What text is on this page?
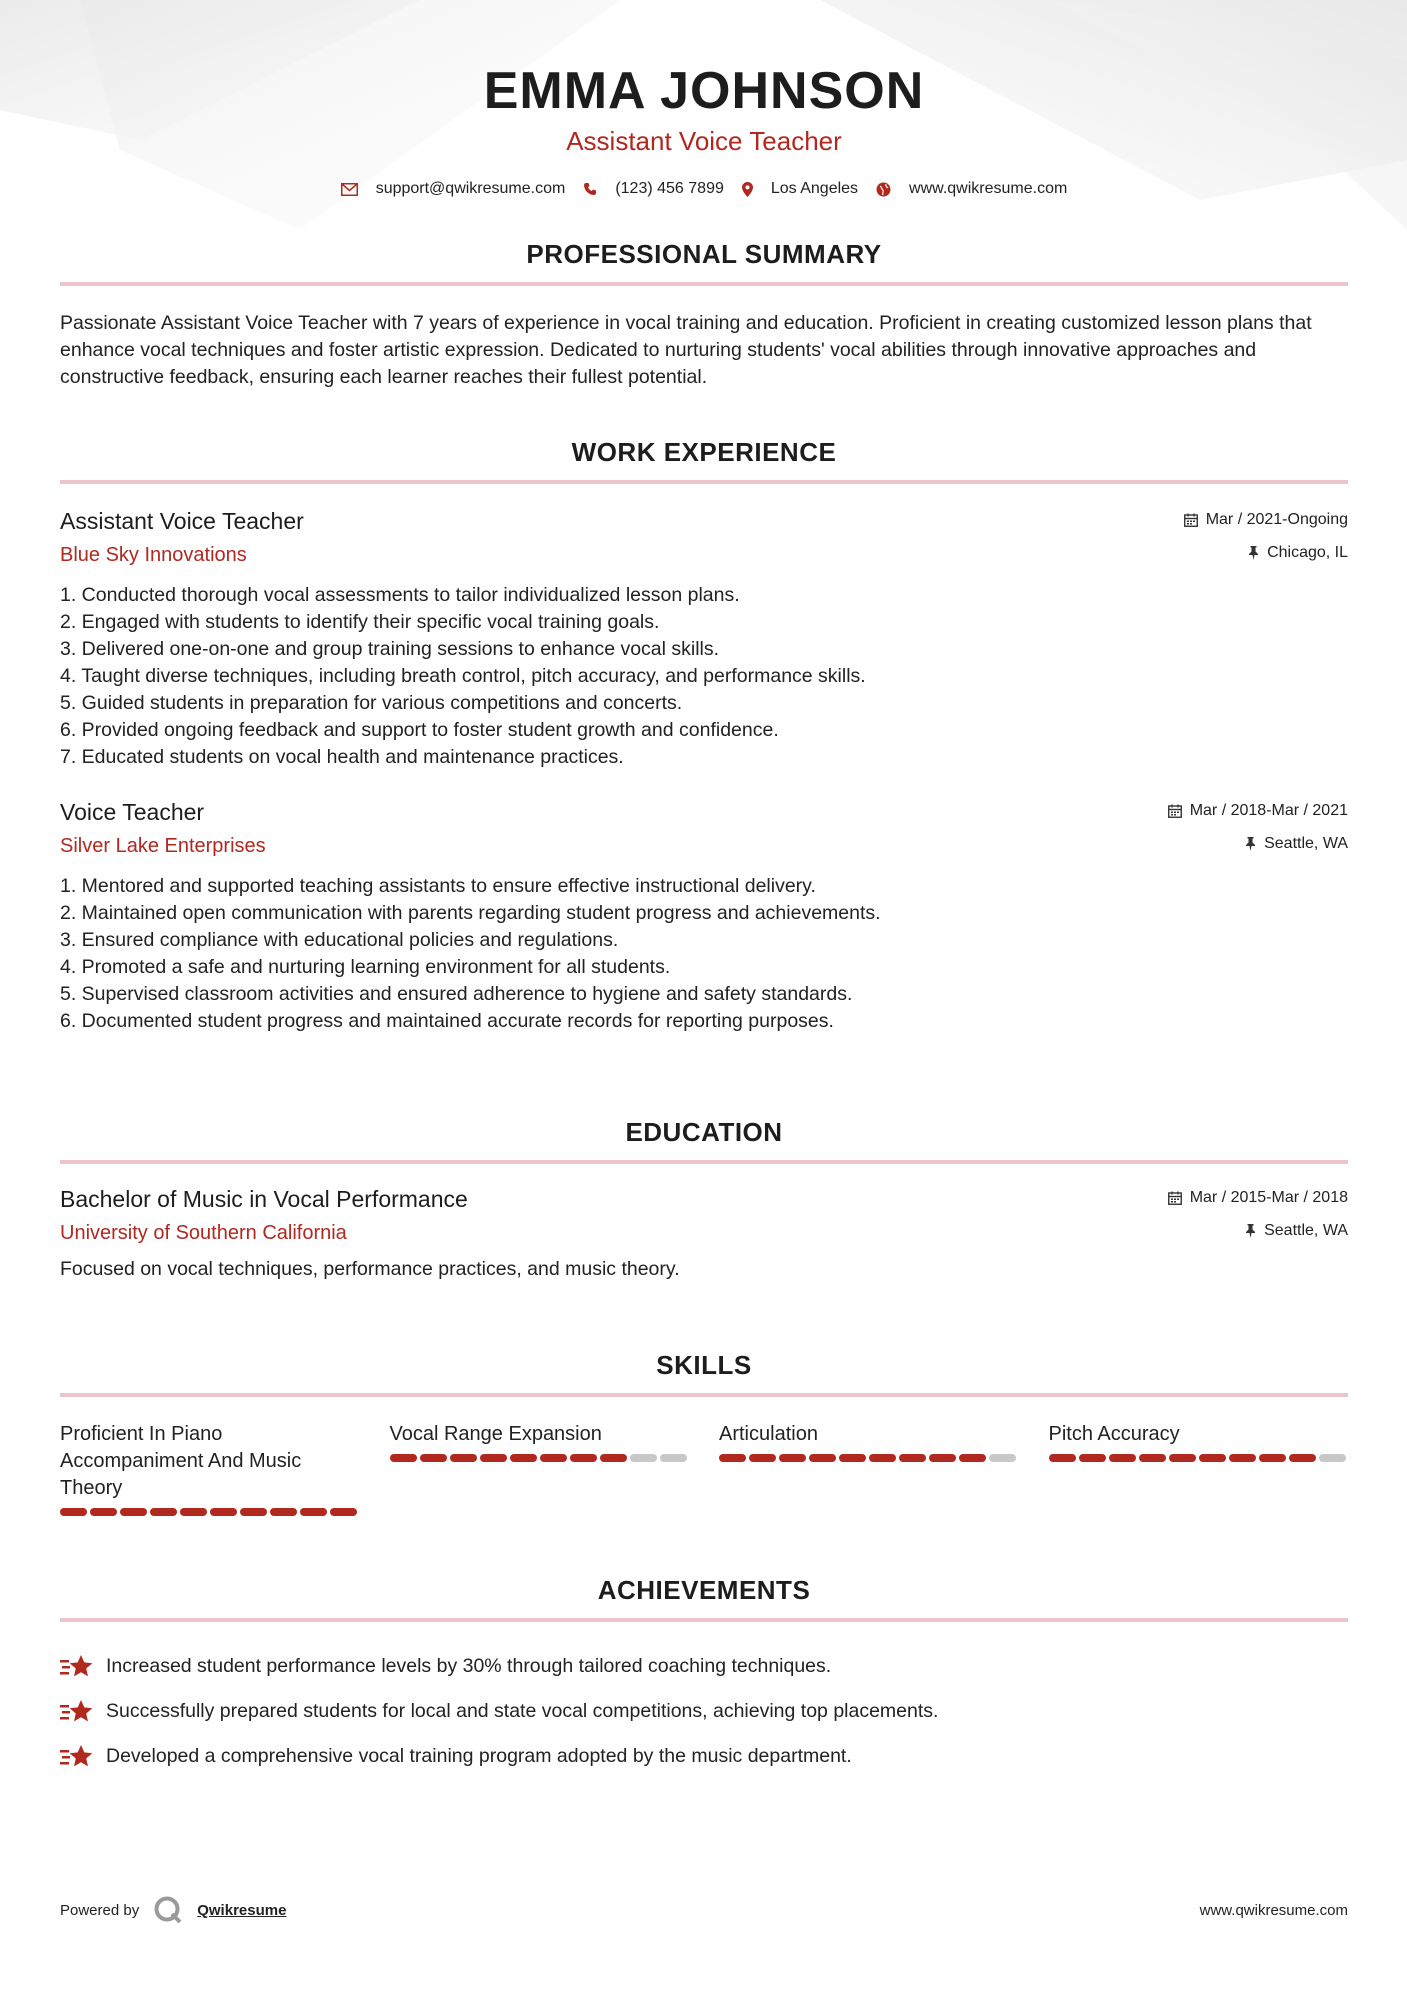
EMMA JOHNSON
Assistant Voice Teacher
support@qwikresume.com	(123) 456 7899	Los Angeles	www.qwikresume.com
PROFESSIONAL SUMMARY

Passionate Assistant Voice Teacher with 7 years of experience in vocal training and education. Proficient in creating customized lesson plans that enhance vocal techniques and foster artistic expression. Dedicated to nurturing students' vocal abilities through innovative approaches and constructive feedback, ensuring each learner reaches their fullest potential.

WORK EXPERIENCE
Assistant Voice Teacher
Blue Sky Innovations
Mar / 2021-Ongoing
Chicago, IL
1. Conducted thorough vocal assessments to tailor individualized lesson plans.
2. Engaged with students to identify their specific vocal training goals.
3. Delivered one-on-one and group training sessions to enhance vocal skills.
4. Taught diverse techniques, including breath control, pitch accuracy, and performance skills.
5. Guided students in preparation for various competitions and concerts.
6. Provided ongoing feedback and support to foster student growth and confidence.
7. Educated students on vocal health and maintenance practices.
Voice Teacher
Silver Lake Enterprises
Mar / 2018-Mar / 2021
Seattle, WA
1. Mentored and supported teaching assistants to ensure effective instructional delivery.
2. Maintained open communication with parents regarding student progress and achievements.
3. Ensured compliance with educational policies and regulations.
4. Promoted a safe and nurturing learning environment for all students.
5. Supervised classroom activities and ensured adherence to hygiene and safety standards.
6. Documented student progress and maintained accurate records for reporting purposes.
EDUCATION
Bachelor of Music in Vocal Performance
University of Southern California
Mar / 2015-Mar / 2018
Seattle, WA
Focused on vocal techniques, performance practices, and music theory.
SKILLS
Proficient In Piano Accompaniment And Music Theory
Vocal Range Expansion	Articulation	Pitch Accuracy
ACHIEVEMENTS
Increased student performance levels by 30% through tailored coaching techniques.
Successfully prepared students for local and state vocal competitions, achieving top placements.
Developed a comprehensive vocal training program adopted by the music department.
Powered by	Qwikresume	www.qwikresume.com
